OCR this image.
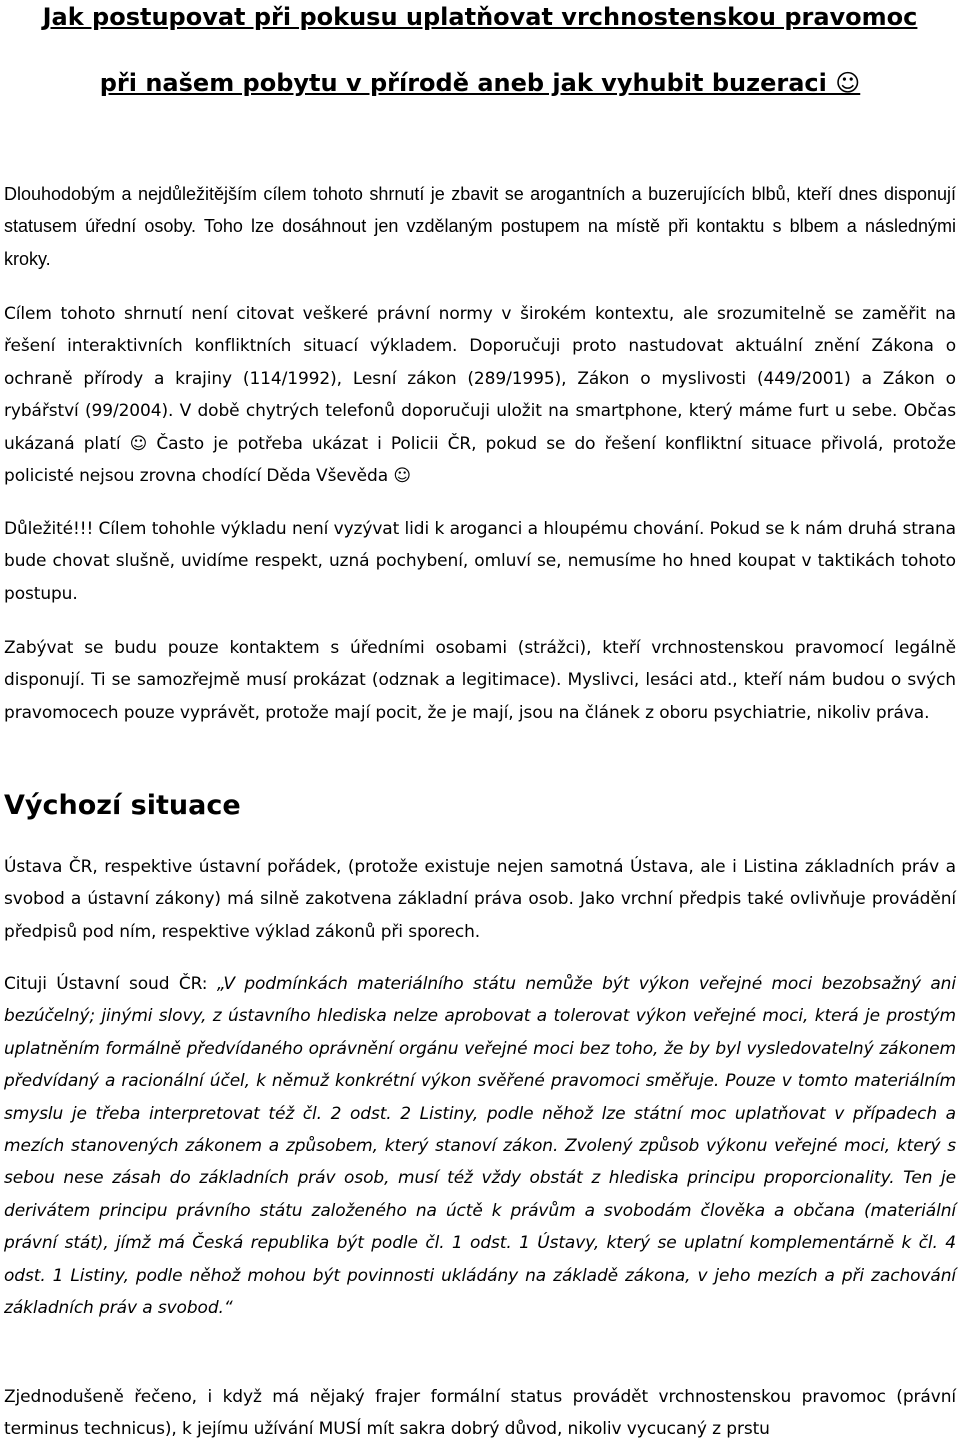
Jak postupovat při pokusu uplatňovat vrchnostenskou pravomoc
při našem pobytu v přírodě aneb jak vyhubit buzeraci ☺

Dlouhodobým a nejdůležitějším cílem tohoto shrnutí je zbavit se arogantních a buzerujících blbů, kteří dnes disponují statusem úřední osoby. Toho lze dosáhnout jen vzdělaným postupem na místě při kontaktu s blbem a následnými kroky.

Cílem tohoto shrnutí není citovat veškeré právní normy v širokém kontextu, ale srozumitelně se zaměřit na řešení interaktivních konfliktních situací výkladem. Doporučuji proto nastudovat aktuální znění Zákona o ochraně přírody a krajiny (114/1992), Lesní zákon (289/1995), Zákon o myslivosti (449/2001) a Zákon o rybářství (99/2004). V době chytrých telefonů doporučuji uložit na smartphone, který máme furt u sebe. Občas ukázaná platí ☺ Často je potřeba ukázat i Policii ČR, pokud se do řešení konfliktní situace přivolá, protože policisté nejsou zrovna chodící Děda Vševěda ☺

Důležité!!! Cílem tohohle výkladu není vyzývat lidi k aroganci a hloupému chování. Pokud se k nám druhá strana bude chovat slušně, uvidíme respekt, uzná pochybení, omluví se, nemusíme ho hned koupat v taktikách tohoto postupu.

Zabývat se budu pouze kontaktem s úředními osobami (strážci), kteří vrchnostenskou pravomocí legálně disponují. Ti se samozřejmě musí prokázat (odznak a legitimace). Myslivci, lesáci atd., kteří nám budou o svých pravomocech pouze vyprávět, protože mají pocit, že je mají, jsou na článek z oboru psychiatrie, nikoliv práva.

Výchozí situace

Ústava ČR, respektive ústavní pořádek, (protože existuje nejen samotná Ústava, ale i Listina základních práv a svobod a ústavní zákony) má silně zakotvena základní práva osob. Jako vrchní předpis také ovlivňuje provádění předpisů pod ním, respektive výklad zákonů při sporech.

Cituji Ústavní soud ČR: „V podmínkách materiálního státu nemůže být výkon veřejné moci bezobsažný ani bezúčelný; jinými slovy, z ústavního hlediska nelze aprobovat a tolerovat výkon veřejné moci, která je prostým uplatněním formálně předvídaného oprávnění orgánu veřejné moci bez toho, že by byl vysledovatelný zákonem předvídaný a racionální účel, k němuž konkrétní výkon svěřené pravomoci směřuje. Pouze v tomto materiálním smyslu je třeba interpretovat též čl. 2 odst. 2 Listiny, podle něhož lze státní moc uplatňovat v případech a mezích stanovených zákonem a způsobem, který stanoví zákon. Zvolený způsob výkonu veřejné moci, který s sebou nese zásah do základních práv osob, musí též vždy obstát z hlediska principu proporcionality. Ten je derivátem principu právního státu založeného na úctě k právům a svobodám člověka a občana (materiální právní stát), jímž má Česká republika být podle čl. 1 odst. 1 Ústavy, který se uplatní komplementárně k čl. 4 odst. 1 Listiny, podle něhož mohou být povinnosti ukládány na základě zákona, v jeho mezích a při zachování základních práv a svobod.“

Zjednodušeně řečeno, i když má nějaký frajer formální status provádět vrchnostenskou pravomoc (právní terminus technicus), k jejímu užívání MUSÍ mít sakra dobrý důvod, nikoliv vycucaný z prstu
